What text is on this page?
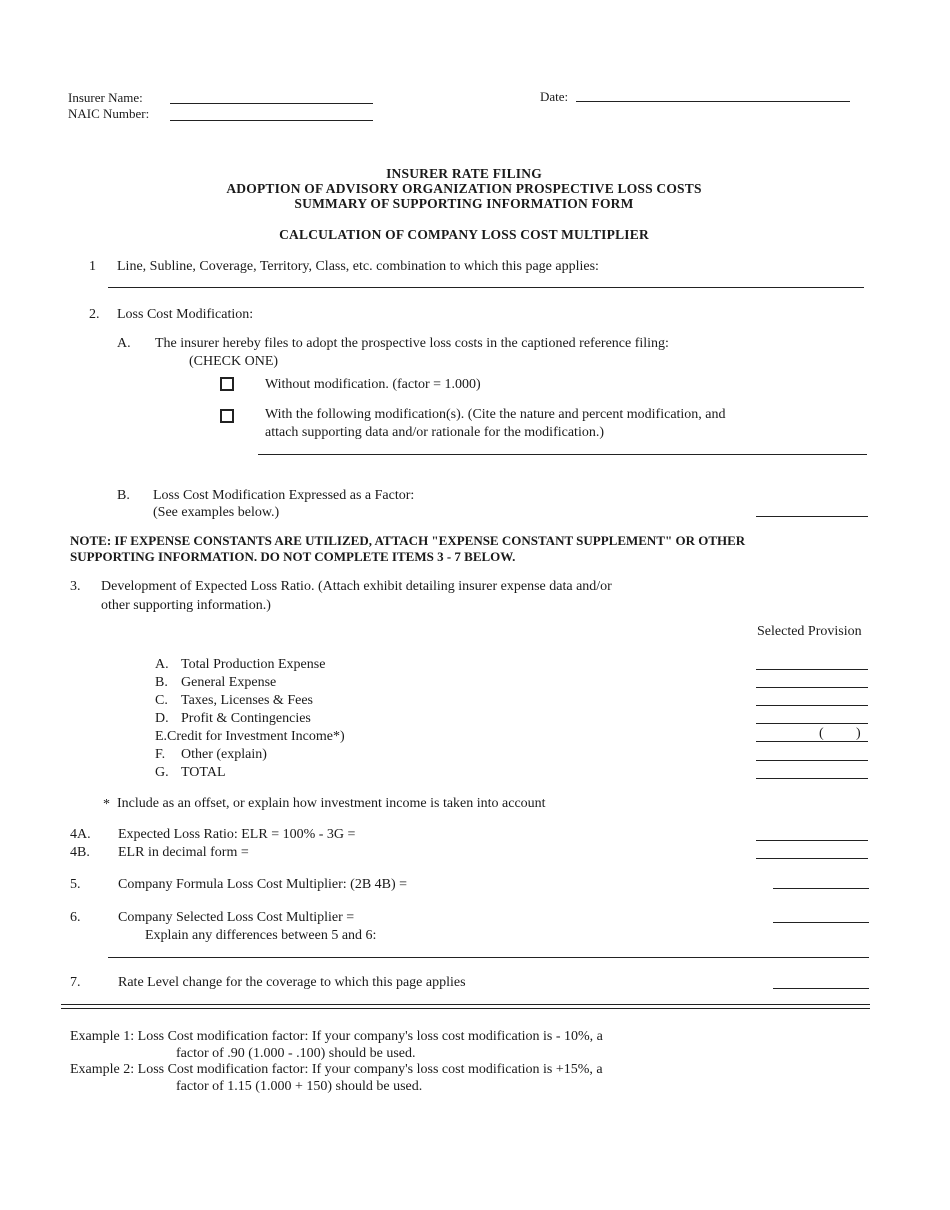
Insurer Name:
NAIC Number:
Date:
INSURER RATE FILING
ADOPTION OF ADVISORY ORGANIZATION PROSPECTIVE LOSS COSTS
SUMMARY OF SUPPORTING INFORMATION FORM
CALCULATION OF COMPANY LOSS COST MULTIPLIER
1 Line, Subline, Coverage, Territory, Class, etc. combination to which this page applies:
2. Loss Cost Modification:
A. The insurer hereby files to adopt the prospective loss costs in the captioned reference filing:
(CHECK ONE)
Without modification. (factor = 1.000)
With the following modification(s). (Cite the nature and percent modification, and
attach supporting data and/or rationale for the modification.)
B. Loss Cost Modification Expressed as a Factor:
(See examples below.)
NOTE: IF EXPENSE CONSTANTS ARE UTILIZED, ATTACH "EXPENSE CONSTANT SUPPLEMENT" OR OTHER
SUPPORTING INFORMATION. DO NOT COMPLETE ITEMS 3 - 7 BELOW.
3. Development of Expected Loss Ratio. (Attach exhibit detailing insurer expense data and/or
other supporting information.)
Selected Provision
A. Total Production Expense
B. General Expense
C. Taxes, Licenses & Fees
D. Profit & Contingencies
E. Credit for Investment Income*)	( )
F. Other (explain)
G. TOTAL
* Include as an offset, or explain how investment income is taken into account
4A. Expected Loss Ratio: ELR = 100% - 3G =
4B. ELR in decimal form =
5.	Company Formula Loss Cost Multiplier: (2B 4B) =
6.	Company Selected Loss Cost Multiplier =
Explain any differences between 5 and 6:
7.	Rate Level change for the coverage to which this page applies
Example 1: Loss Cost modification factor: If your company's loss cost modification is - 10%, a
factor of .90 (1.000 - .100) should be used.
Example 2: Loss Cost modification factor: If your company's loss cost modification is +15%, a
factor of 1.15 (1.000 + 150) should be used.
